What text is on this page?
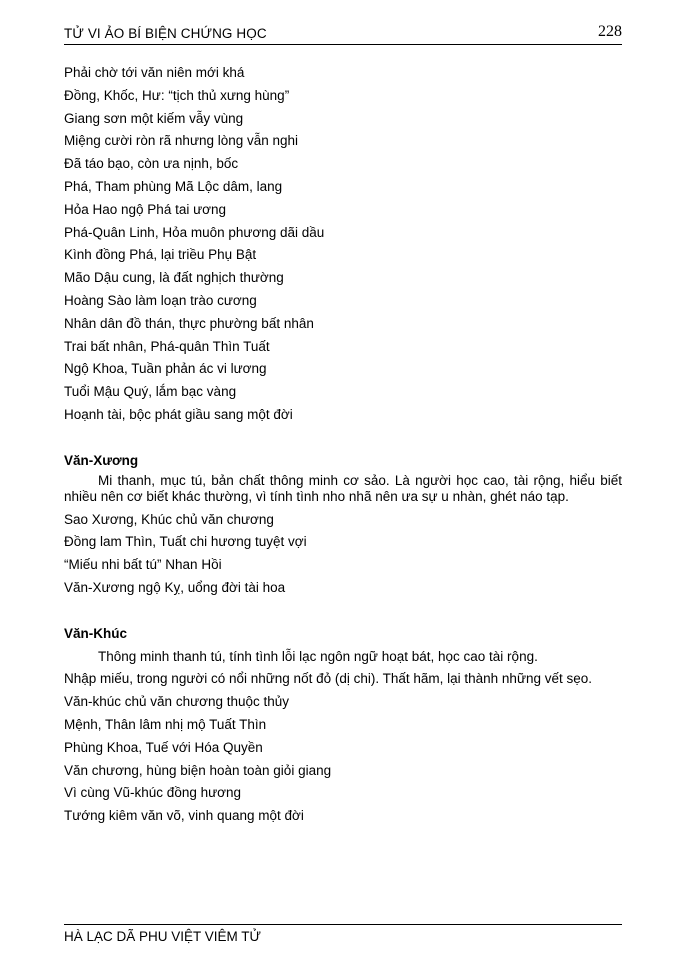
TỬ VI ẢO BÍ BIỆN CHỨNG HỌC	228
Phải chờ tới văn niên mới khá
Đồng, Khốc, Hư: “tịch thủ xưng hùng”
Giang sơn một kiếm vẫy vùng
Miệng cười ròn rã nhưng lòng vẫn nghi
Đã táo bạo, còn ưa nịnh, bốc
Phá, Tham phùng Mã Lộc dâm, lang
Hỏa Hao ngộ Phá tai ương
Phá-Quân Linh, Hỏa muôn phương dãi dầu
Kình đồng Phá, lại triều Phụ Bật
Mão Dậu cung, là đất nghịch thường
Hoàng Sào làm loạn trào cương
Nhân dân đồ thán, thực phường bất nhân
Trai bất nhân, Phá-quân Thìn Tuất
Ngộ Khoa, Tuần phản ác vi lương
Tuổi Mậu Quý, lắm bạc vàng
Hoạnh tài, bộc phát giầu sang một đời
Văn-Xương
Mi thanh, mục tú, bản chất thông minh cơ sảo. Là người học cao, tài rộng, hiểu biết nhiều nên cơ biết khác thường, vì tính tình nho nhã nên ưa sự u nhàn, ghét náo tạp.
Sao Xương, Khúc chủ văn chương
Đồng lam Thìn, Tuất chi hương tuyệt vợi
“Miếu nhi bất tú” Nhan Hồi
Văn-Xương ngộ Kỵ, uổng đời tài hoa
Văn-Khúc
Thông minh thanh tú, tính tình lỗi lạc ngôn ngữ hoạt bát, học cao tài rộng.
Nhập miếu, trong người có nổi những nốt đỏ (dị chi). Thất hãm, lại thành những vết sẹo.
Văn-khúc chủ văn chương thuộc thủy
Mệnh, Thân lâm nhị mộ Tuất Thìn
Phùng Khoa, Tuế với Hóa Quyền
Văn chương, hùng biện hoàn toàn giỏi giang
Vì cùng Vũ-khúc đồng hương
Tướng kiêm văn võ, vinh quang một đời
HÀ LẠC DÃ PHU VIỆT VIÊM TỬ
